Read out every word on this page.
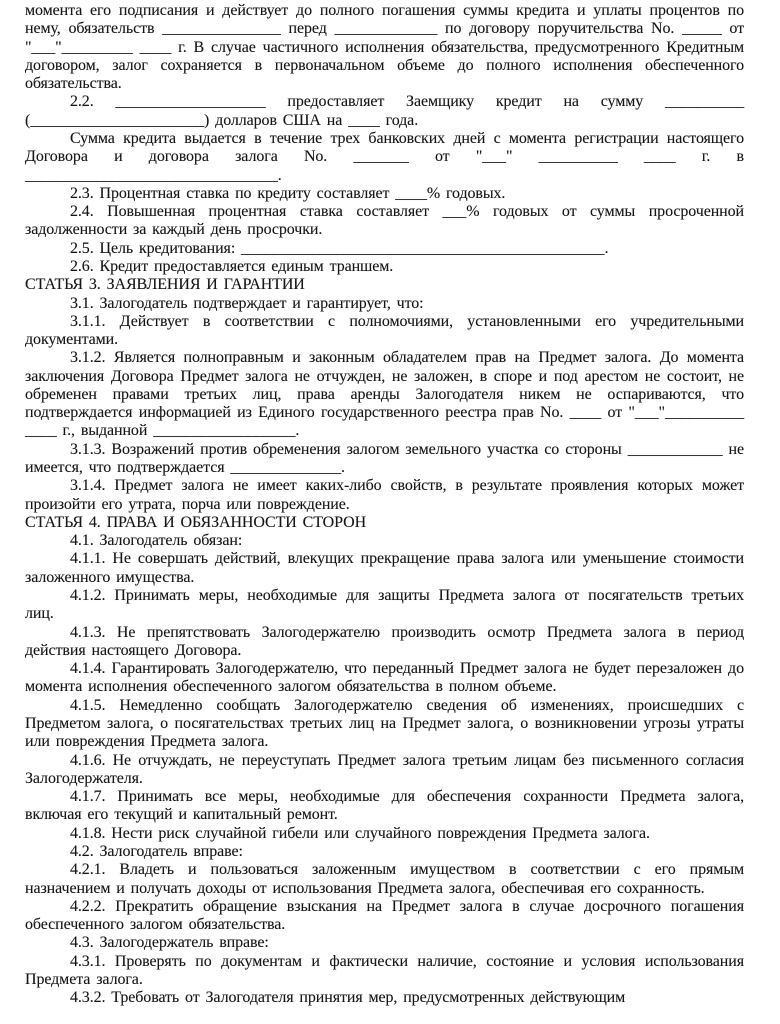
момента его подписания и действует до полного погашения суммы кредита и уплаты процентов по нему, обязательств _______________ перед _____________ по договору поручительства No. _____ от "___"_________ ____ г. В случае частичного исполнения обязательства, предусмотренного Кредитным договором, залог сохраняется в первоначальном объеме до полного исполнения обеспеченного обязательства.

2.2. ___________________ предоставляет Заемщику кредит на сумму __________ (______________________) долларов США на ____ года.

Сумма кредита выдается в течение трех банковских дней с момента регистрации настоящего Договора и договора залога No. _______ от "___" __________ ____ г. в ________________________________.

2.3. Процентная ставка по кредиту составляет ____% годовых.

2.4. Повышенная процентная ставка составляет ___% годовых от суммы просроченной задолженности за каждый день просрочки.

2.5. Цель кредитования: ______________________________________________.

2.6. Кредит предоставляется единым траншем.

СТАТЬЯ 3. ЗАЯВЛЕНИЯ И ГАРАНТИИ

3.1. Залогодатель подтверждает и гарантирует, что:

3.1.1. Действует в соответствии с полномочиями, установленными его учредительными документами.

3.1.2. Является полноправным и законным обладателем прав на Предмет залога. До момента заключения Договора Предмет залога не отчужден, не заложен, в споре и под арестом не состоит, не обременен правами третьих лиц, права аренды Залогодателя никем не оспариваются, что подтверждается информацией из Единого государственного реестра прав No. ____ от "___"__________ ____ г., выданной __________________.

3.1.3. Возражений против обременения залогом земельного участка со стороны ____________ не имеется, что подтверждается ______________.

3.1.4. Предмет залога не имеет каких-либо свойств, в результате проявления которых может произойти его утрата, порча или повреждение.

СТАТЬЯ 4. ПРАВА И ОБЯЗАННОСТИ СТОРОН

4.1. Залогодатель обязан:

4.1.1. Не совершать действий, влекущих прекращение права залога или уменьшение стоимости заложенного имущества.

4.1.2. Принимать меры, необходимые для защиты Предмета залога от посягательств третьих лиц.

4.1.3. Не препятствовать Залогодержателю производить осмотр Предмета залога в период действия настоящего Договора.

4.1.4. Гарантировать Залогодержателю, что переданный Предмет залога не будет перезаложен до момента исполнения обеспеченного залогом обязательства в полном объеме.

4.1.5. Немедленно сообщать Залогодержателю сведения об изменениях, происшедших с Предметом залога, о посягательствах третьих лиц на Предмет залога, о возникновении угрозы утраты или повреждения Предмета залога.

4.1.6. Не отчуждать, не переуступать Предмет залога третьим лицам без письменного согласия Залогодержателя.

4.1.7. Принимать все меры, необходимые для обеспечения сохранности Предмета залога, включая его текущий и капитальный ремонт.

4.1.8. Нести риск случайной гибели или случайного повреждения Предмета залога.

4.2. Залогодатель вправе:

4.2.1. Владеть и пользоваться заложенным имуществом в соответствии с его прямым назначением и получать доходы от использования Предмета залога, обеспечивая его сохранность.

4.2.2. Прекратить обращение взыскания на Предмет залога в случае досрочного погашения обеспеченного залогом обязательства.

4.3. Залогодержатель вправе:

4.3.1. Проверять по документам и фактически наличие, состояние и условия использования Предмета залога.

4.3.2. Требовать от Залогодателя принятия мер, предусмотренных действующим
